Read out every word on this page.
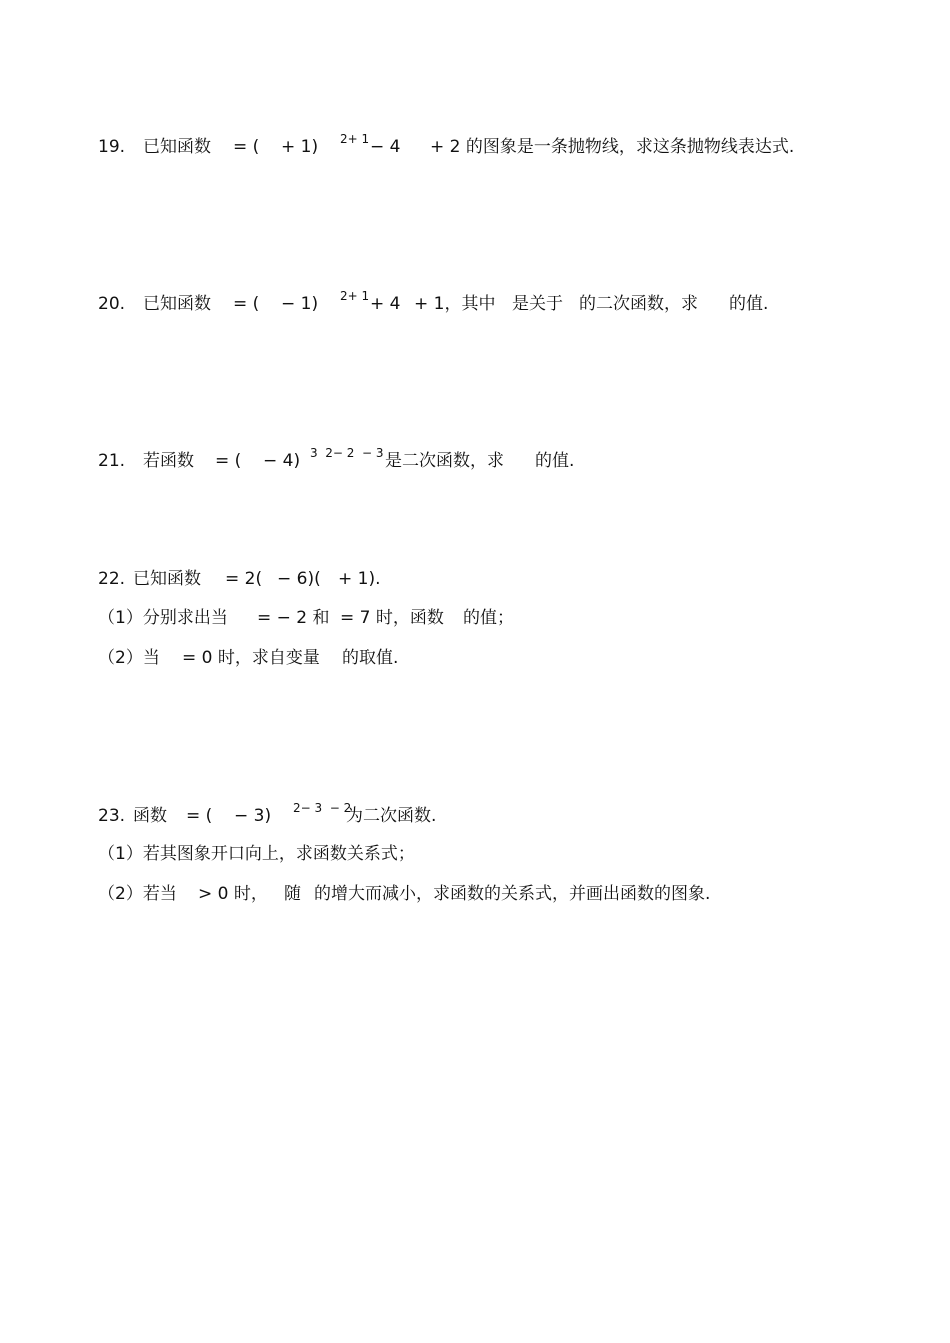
19.

已知函数

= (

+ 1)

2+ 1

− 4

+ 2 的图象是一条抛物线，求这条抛物线表达式.

20.

已知函数

= (

− 1)

2+ 1

+ 4

+ 1，其中

是关于

的二次函数，求

的值.

21.

若函数

= (

− 4)

3  2− 2  − 3

是二次函数，求

的值.

22.

已知函数

= 2(

− 6)(

+ 1).

（1）分别求出当

= − 2 和

= 7 时，函数

的值；

（2）当

= 0 时，求自变量

的取值.

23.

函数

= (

− 3)

2− 3  − 2

为二次函数.

（1）若其图象开口向上，求函数关系式；

（2）若当

> 0 时，

随

的增大而减小，求函数的关系式，并画出函数的图象.
